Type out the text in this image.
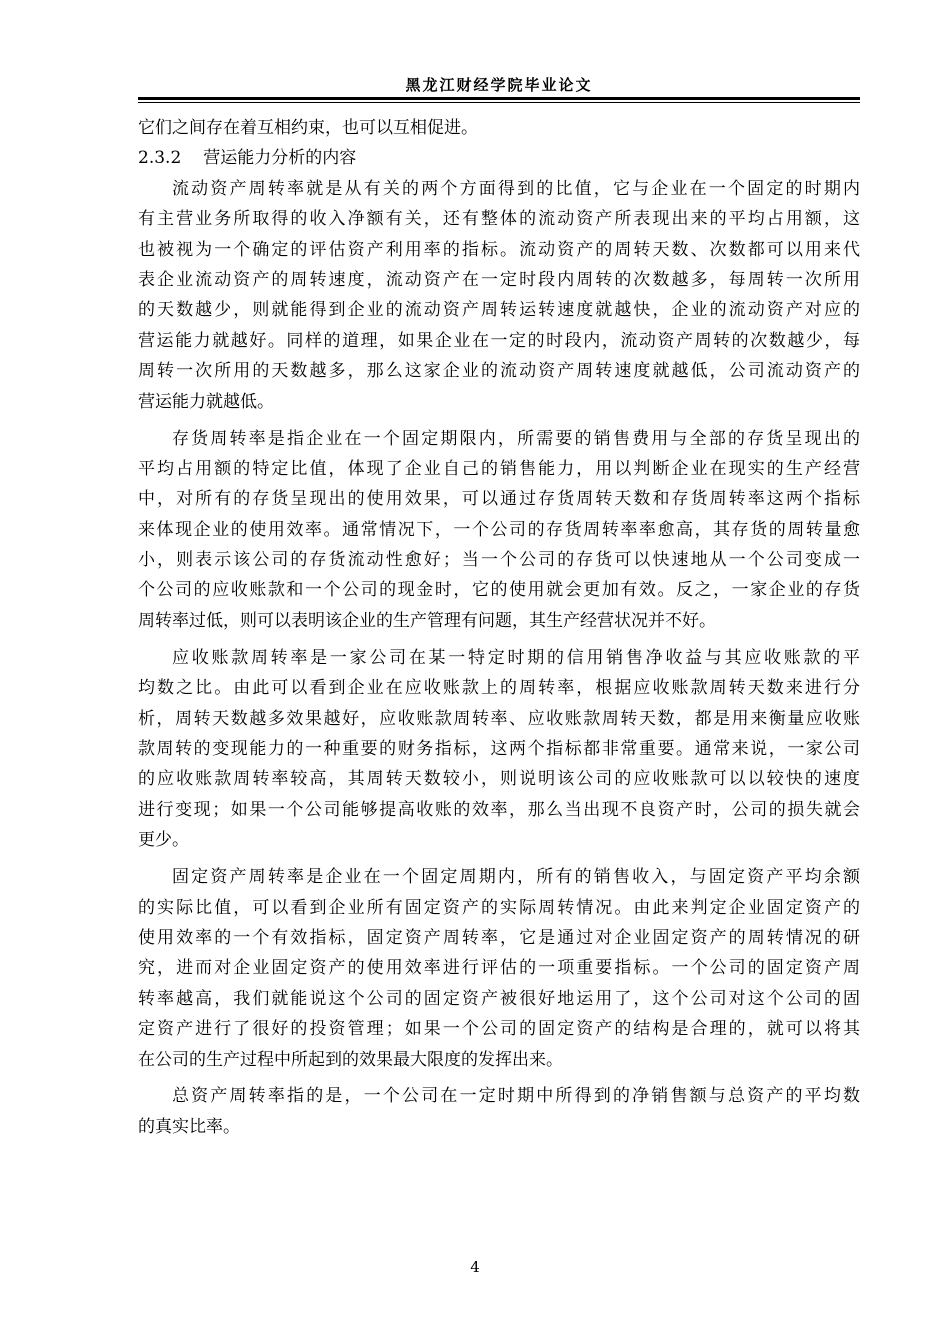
黑龙江财经学院毕业论文
它们之间存在着互相约束，也可以互相促进。
2.3.2 营运能力分析的内容
流动资产周转率就是从有关的两个方面得到的比值，它与企业在一个固定的时期内
有主营业务所取得的收入净额有关，还有整体的流动资产所表现出来的平均占用额，这
也被视为一个确定的评估资产利用率的指标。流动资产的周转天数、次数都可以用来代
表企业流动资产的周转速度，流动资产在一定时段内周转的次数越多，每周转一次所用
的天数越少，则就能得到企业的流动资产周转运转速度就越快，企业的流动资产对应的
营运能力就越好。同样的道理，如果企业在一定的时段内，流动资产周转的次数越少，每
周转一次所用的天数越多，那么这家企业的流动资产周转速度就越低，公司流动资产的
营运能力就越低。
存货周转率是指企业在一个固定期限内，所需要的销售费用与全部的存货呈现出的
平均占用额的特定比值，体现了企业自己的销售能力，用以判断企业在现实的生产经营
中，对所有的存货呈现出的使用效果，可以通过存货周转天数和存货周转率这两个指标
来体现企业的使用效率。通常情况下，一个公司的存货周转率率愈高，其存货的周转量愈
小，则表示该公司的存货流动性愈好；当一个公司的存货可以快速地从一个公司变成一
个公司的应收账款和一个公司的现金时，它的使用就会更加有效。反之，一家企业的存货
周转率过低，则可以表明该企业的生产管理有问题，其生产经营状况并不好。
应收账款周转率是一家公司在某一特定时期的信用销售净收益与其应收账款的平
均数之比。由此可以看到企业在应收账款上的周转率，根据应收账款周转天数来进行分
析，周转天数越多效果越好，应收账款周转率、应收账款周转天数，都是用来衡量应收账
款周转的变现能力的一种重要的财务指标，这两个指标都非常重要。通常来说，一家公司
的应收账款周转率较高，其周转天数较小，则说明该公司的应收账款可以以较快的速度
进行变现；如果一个公司能够提高收账的效率，那么当出现不良资产时，公司的损失就会
更少。
固定资产周转率是企业在一个固定周期内，所有的销售收入，与固定资产平均余额
的实际比值，可以看到企业所有固定资产的实际周转情况。由此来判定企业固定资产的
使用效率的一个有效指标，固定资产周转率，它是通过对企业固定资产的周转情况的研
究，进而对企业固定资产的使用效率进行评估的一项重要指标。一个公司的固定资产周
转率越高，我们就能说这个公司的固定资产被很好地运用了，这个公司对这个公司的固
定资产进行了很好的投资管理；如果一个公司的固定资产的结构是合理的，就可以将其
在公司的生产过程中所起到的效果最大限度的发挥出来。
总资产周转率指的是，一个公司在一定时期中所得到的净销售额与总资产的平均数
的真实比率。
4
